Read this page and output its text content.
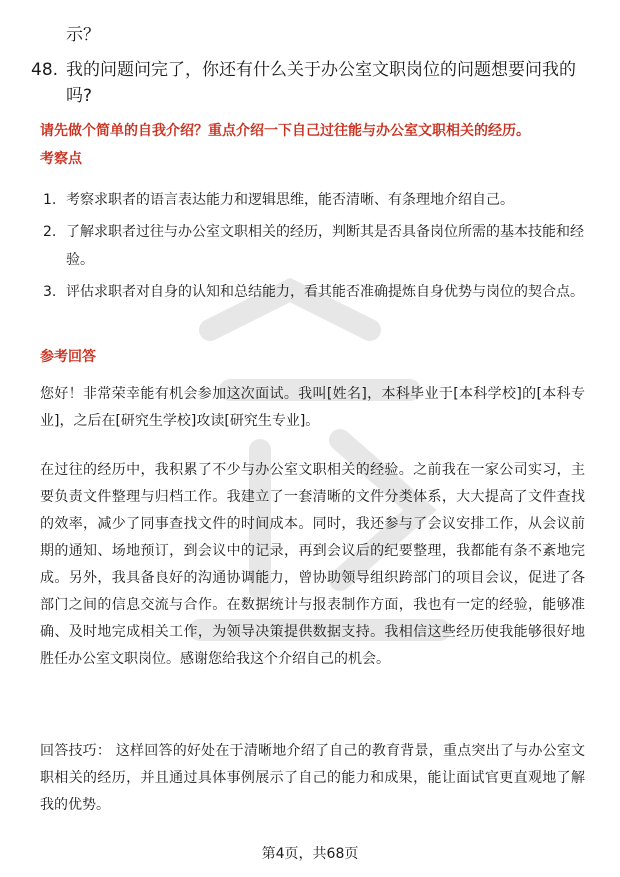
示？
48. 我的问题问完了，你还有什么关于办公室文职岗位的问题想要问我的吗?
请先做个简单的自我介绍？重点介绍一下自己过往能与办公室文职相关的经历。
考察点
1. 考察求职者的语言表达能力和逻辑思维，能否清晰、有条理地介绍自己。
2. 了解求职者过往与办公室文职相关的经历，判断其是否具备岗位所需的基本技能和经验。
3. 评估求职者对自身的认知和总结能力，看其能否准确提炼自身优势与岗位的契合点。
参考回答

您好！非常荣幸能有机会参加这次面试。我叫[姓名]，本科毕业于[本科学校]的[本科专业]，之后在[研究生学校]攻读[研究生专业]。

在过往的经历中，我积累了不少与办公室文职相关的经验。之前我在一家公司实习，主要负责文件整理与归档工作。我建立了一套清晰的文件分类体系，大大提高了文件查找的效率，减少了同事查找文件的时间成本。同时，我还参与了会议安排工作，从会议前期的通知、场地预订，到会议中的记录，再到会议后的纪要整理，我都能有条不紊地完成。另外，我具备良好的沟通协调能力，曾协助领导组织跨部门的项目会议，促进了各部门之间的信息交流与合作。在数据统计与报表制作方面，我也有一定的经验，能够准确、及时地完成相关工作，为领导决策提供数据支持。我相信这些经历使我能够很好地胜任办公室文职岗位。感谢您给我这个介绍自己的机会。

回答技巧： 这样回答的好处在于清晰地介绍了自己的教育背景，重点突出了与办公室文职相关的经历，并且通过具体事例展示了自己的能力和成果，能让面试官更直观地了解我的优势。

第4页，共68页
